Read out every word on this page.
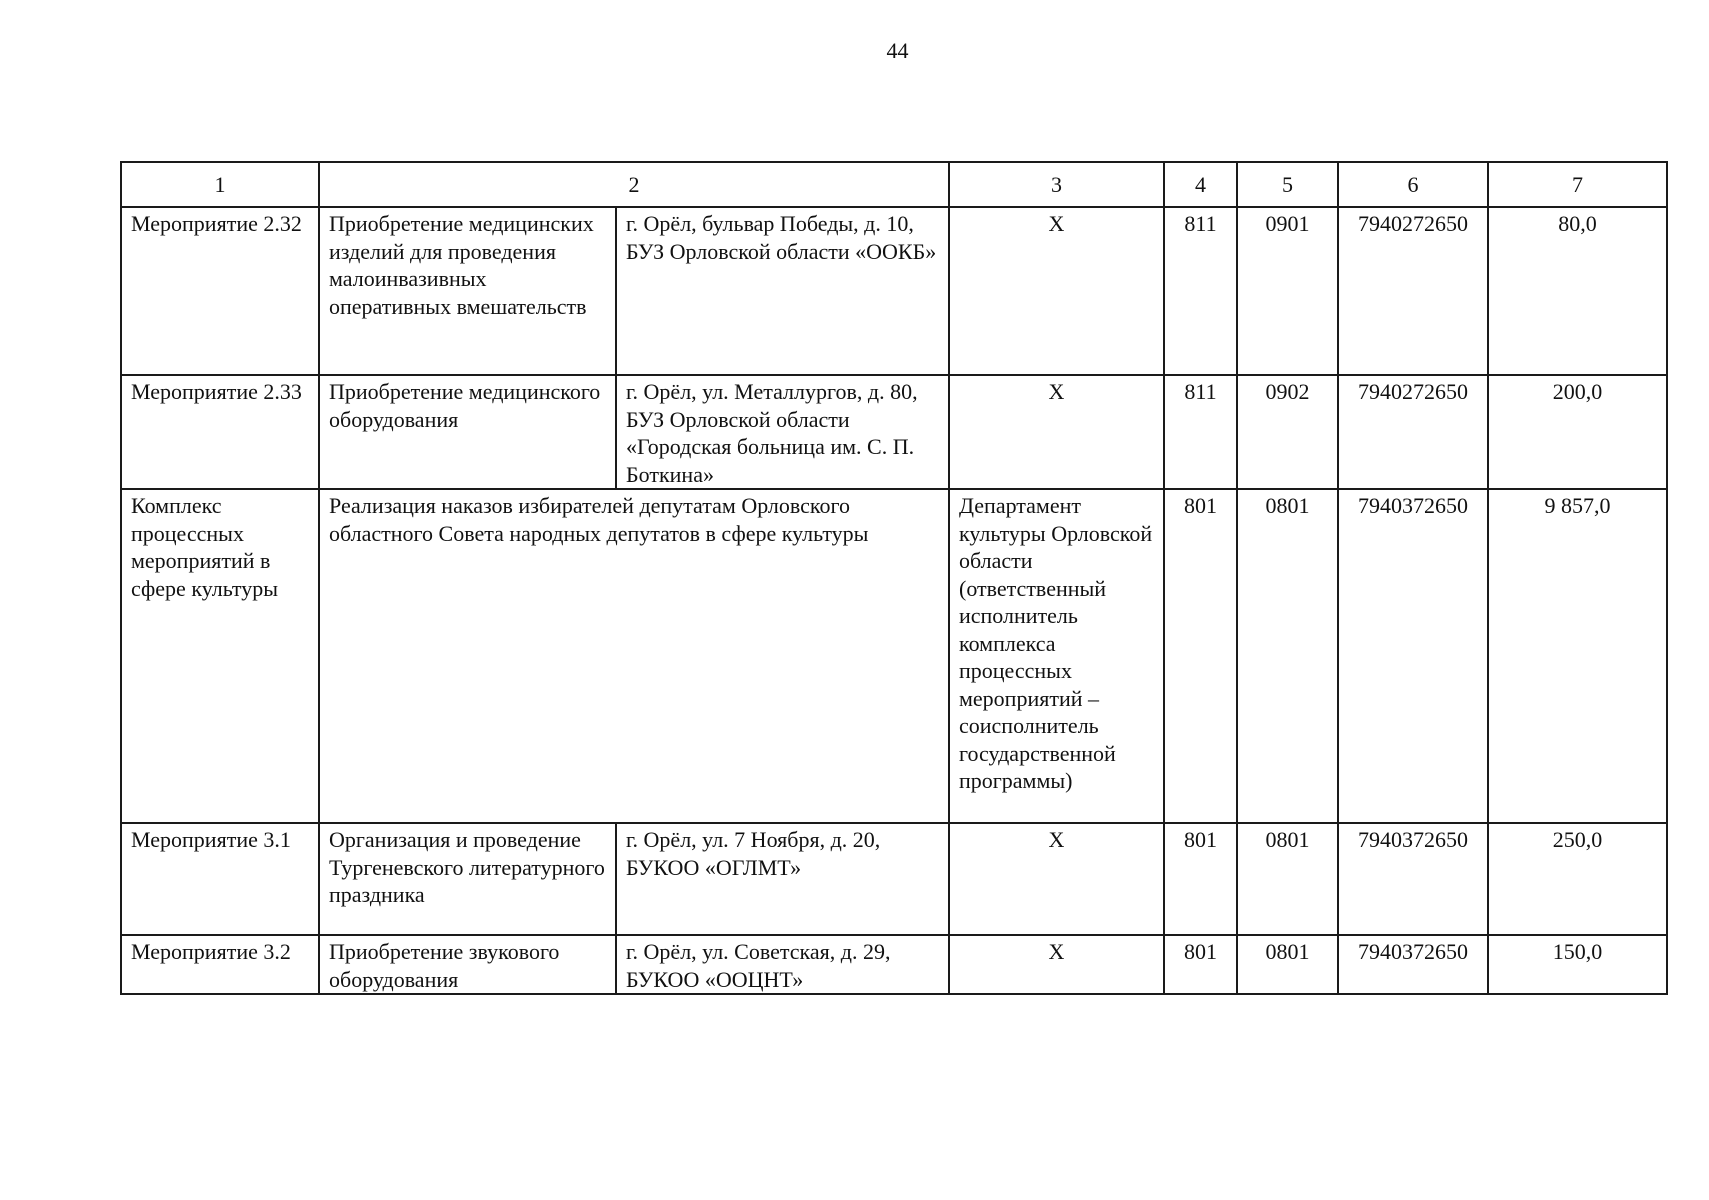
44
1	2		3	4	5	6	7
Мероприятие 2.32	Приобретение медицинских изделий для проведения малоинвазивных оперативных вмешательств	г. Орёл, бульвар Победы, д. 10, БУЗ Орловской области «ООКБ»	Х	811	0901	7940272650	80,0
Мероприятие 2.33	Приобретение медицинского оборудования	г. Орёл, ул. Металлургов, д. 80, БУЗ Орловской области «Городская больница им. С. П. Боткина»	Х	811	0902	7940272650	200,0
Комплекс процессных мероприятий в сфере культуры	Реализация наказов избирателей депутатам Орловского областного Совета народных депутатов в сфере культуры		Департамент культуры Орловской области (ответственный исполнитель комплекса процессных мероприятий – соисполнитель государственной программы)	801	0801	7940372650	9 857,0
Мероприятие 3.1	Организация и проведение Тургеневского литературного праздника	г. Орёл, ул. 7 Ноября, д. 20, БУКОО «ОГЛМТ»	Х	801	0801	7940372650	250,0
Мероприятие 3.2	Приобретение звукового оборудования	г. Орёл, ул. Советская, д. 29, БУКОО «ООЦНТ»	Х	801	0801	7940372650	150,0
